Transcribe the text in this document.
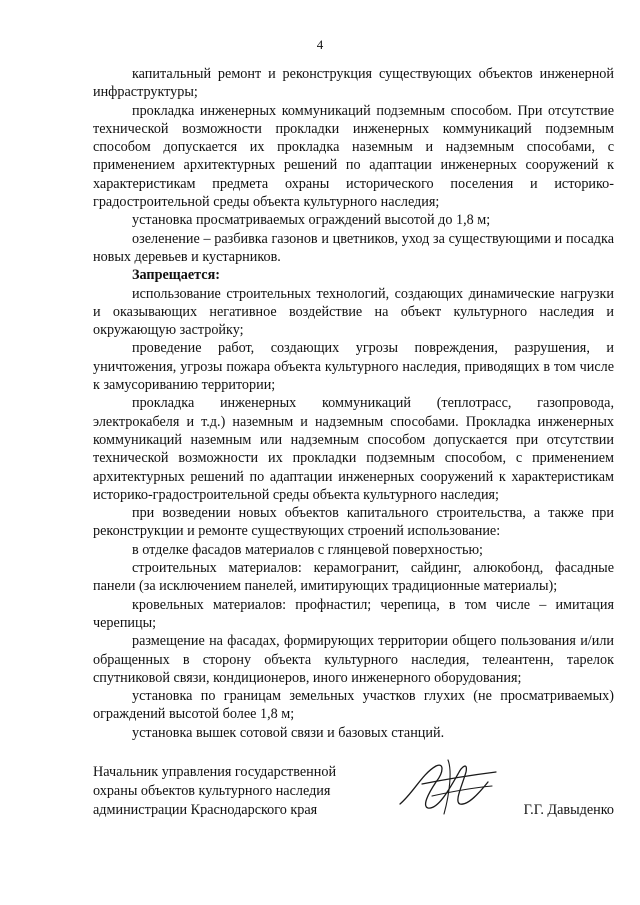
4

капитальный ремонт и реконструкция существующих объектов инженерной инфраструктуры;

прокладка инженерных коммуникаций подземным способом. При отсутствие технической возможности прокладки инженерных коммуникаций подземным способом допускается их прокладка наземным и надземным способами, с применением архитектурных решений по адаптации инженерных сооружений к характеристикам предмета охраны исторического поселения и историко-градостроительной среды объекта культурного наследия;

установка просматриваемых ограждений высотой до 1,8 м;

озеленение – разбивка газонов и цветников, уход за существующими и посадка новых деревьев и кустарников.

Запрещается:

использование строительных технологий, создающих динамические нагрузки и оказывающих негативное воздействие на объект культурного наследия и окружающую застройку;

проведение работ, создающих угрозы повреждения, разрушения, и уничтожения, угрозы пожара объекта культурного наследия, приводящих в том числе к замусориванию территории;

прокладка инженерных коммуникаций (теплотрасс, газопровода, электрокабеля и т.д.) наземным и надземным способами. Прокладка инженерных коммуникаций наземным или надземным способом допускается при отсутствии технической возможности их прокладки подземным способом, с применением архитектурных решений по адаптации инженерных сооружений к характеристикам историко-градостроительной среды объекта культурного наследия;

при возведении новых объектов капитального строительства, а также при реконструкции и ремонте существующих строений использование:

в отделке фасадов материалов с глянцевой поверхностью;

строительных материалов: керамогранит, сайдинг, алюкобонд, фасадные панели (за исключением панелей, имитирующих традиционные материалы);

кровельных материалов: профнастил; черепица, в том числе – имитация черепицы;

размещение на фасадах, формирующих территории общего пользования и/или обращенных в сторону объекта культурного наследия, телеантенн, тарелок спутниковой связи, кондиционеров, иного инженерного оборудования;

установка по границам земельных участков глухих (не просматриваемых) ограждений высотой более 1,8 м;

установка вышек сотовой связи и базовых станций.

Начальник управления государственной
охраны объектов культурного наследия
администрации Краснодарского края	Г.Г. Давыденко
